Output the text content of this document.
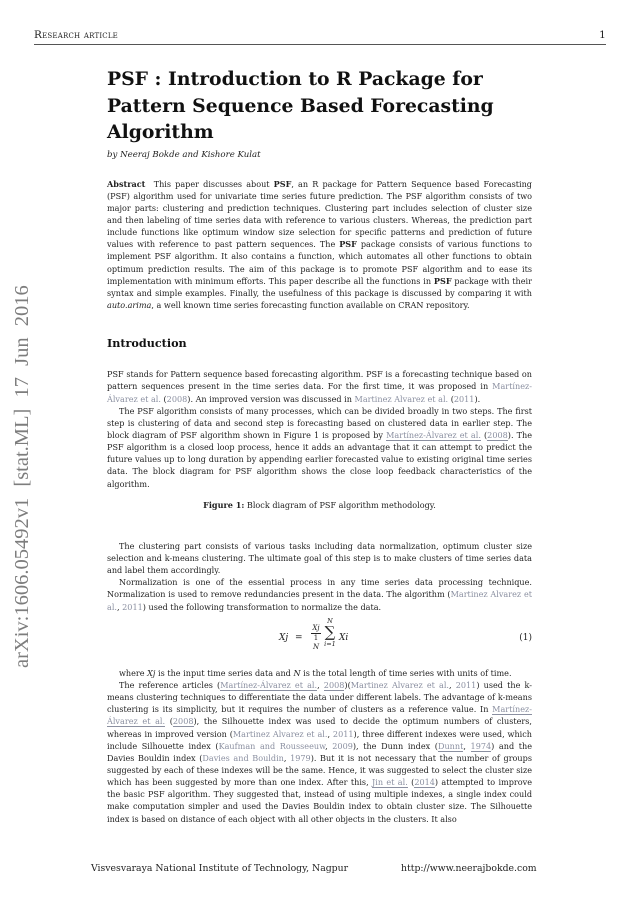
Research article	1
arXiv:1606.05492v1 [stat.ML] 17 Jun 2016
PSF : Introduction to R Package for
Pattern Sequence Based Forecasting
Algorithm
by Neeraj Bokde and Kishore Kulat

Abstract This paper discusses about PSF, an R package for Pattern Sequence based Forecasting (PSF) algorithm used for univariate time series future prediction. The PSF algorithm consists of two major parts: clustering and prediction techniques. Clustering part includes selection of cluster size and then labeling of time series data with reference to various clusters. Whereas, the prediction part include functions like optimum window size selection for specific patterns and prediction of future values with reference to past pattern sequences. The PSF package consists of various functions to implement PSF algorithm. It also contains a function, which automates all other functions to obtain optimum prediction results. The aim of this package is to promote PSF algorithm and to ease its implementation with minimum efforts. This paper describe all the functions in PSF package with their syntax and simple examples. Finally, the usefulness of this package is discussed by comparing it with auto.arima, a well known time series forecasting function available on CRAN repository.

Introduction

PSF stands for Pattern sequence based forecasting algorithm. PSF is a forecasting technique based on pattern sequences present in the time series data. For the first time, it was proposed in Martínez-Álvarez et al. (2008). An improved version was discussed in Martinez Alvarez et al. (2011).

The PSF algorithm consists of many processes, which can be divided broadly in two steps. The first step is clustering of data and second step is forecasting based on clustered data in earlier step. The block diagram of PSF algorithm shown in Figure 1 is proposed by Martínez-Álvarez et al. (2008). The PSF algorithm is a closed loop process, hence it adds an advantage that it can attempt to predict the future values up to long duration by appending earlier forecasted value to existing original time series data. The block diagram for PSF algorithm shows the close loop feedback characteristics of the algorithm.

Figure 1: Block diagram of PSF algorithm methodology.

The clustering part consists of various tasks including data normalization, optimum cluster size selection and k-means clustering. The ultimate goal of this step is to make clusters of time series data and label them accordingly.

Normalization is one of the essential process in any time series data processing technique. Normalization is used to remove redundancies present in the data. The algorithm (Martinez Alvarez et al., 2011) used the following transformation to normalize the data.

Xj =
Xj
1
N
N
∑
i=1
Xi	(1)

where Xj is the input time series data and N is the total length of time series with units of time.

The reference articles (Martínez-Álvarez et al., 2008)(Martinez Alvarez et al., 2011) used the k-means clustering techniques to differentiate the data under different labels. The advantage of k-means clustering is its simplicity, but it requires the number of clusters as a reference value. In Martínez-Álvarez et al. (2008), the Silhouette index was used to decide the optimum numbers of clusters, whereas in improved version (Martinez Alvarez et al., 2011), three different indexes were used, which include Silhouette index (Kaufman and Rousseeuw, 2009), the Dunn index (Dunnt, 1974) and the Davies Bouldin index (Davies and Bouldin, 1979). But it is not necessary that the number of groups suggested by each of these indexes will be the same. Hence, it was suggested to select the cluster size which has been suggested by more than one index. After this, Jin et al. (2014) attempted to improve the basic PSF algorithm. They suggested that, instead of using multiple indexes, a single index could make computation simpler and used the Davies Bouldin index to obtain cluster size. The Silhouette index is based on distance of each object with all other objects in the clusters. It also

Visvesvaraya National Institute of Technology, Nagpur	http://www.neerajbokde.com
